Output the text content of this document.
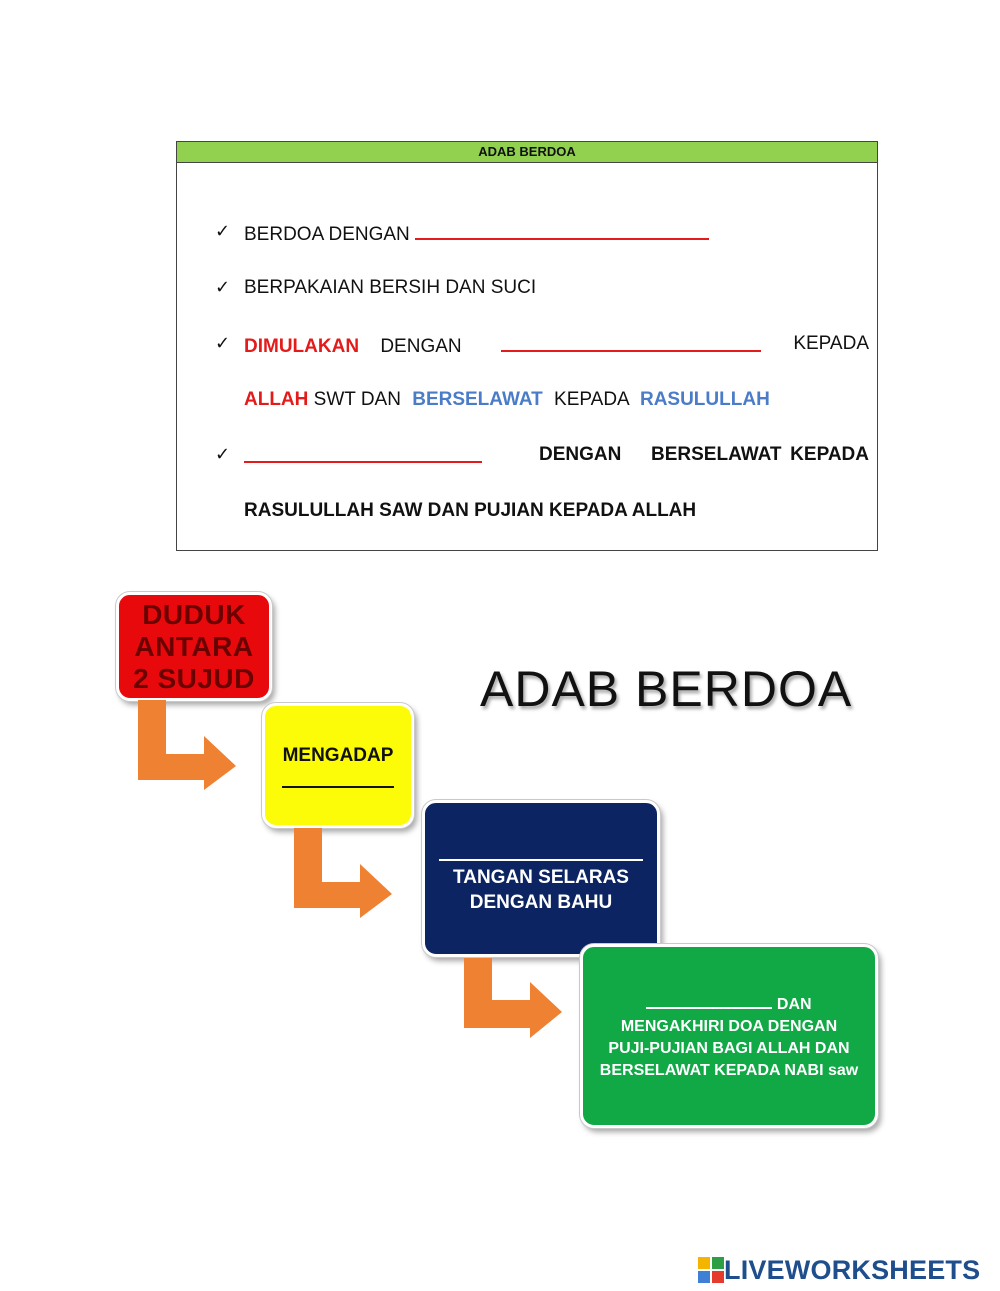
ADAB BERDOA
✓ BERDOA DENGAN
✓ BERPAKAIAN BERSIH DAN SUCI
✓ DIMULAKAN DENGAN	KEPADA
ALLAH SWT DAN BERSELAWAT KEPADA RASULULLAH
✓	DENGAN BERSELAWAT KEPADA
RASULULLAH SAW DAN PUJIAN KEPADA ALLAH
ADAB BERDOA
DUDUK
ANTARA
2 SUJUD
MENGADAP
TANGAN SELARAS
DENGAN BAHU
DAN
MENGAKHIRI DOA DENGAN
PUJI-PUJIAN BAGI ALLAH DAN
BERSELAWAT KEPADA NABI saw
LIVEWORKSHEETS
